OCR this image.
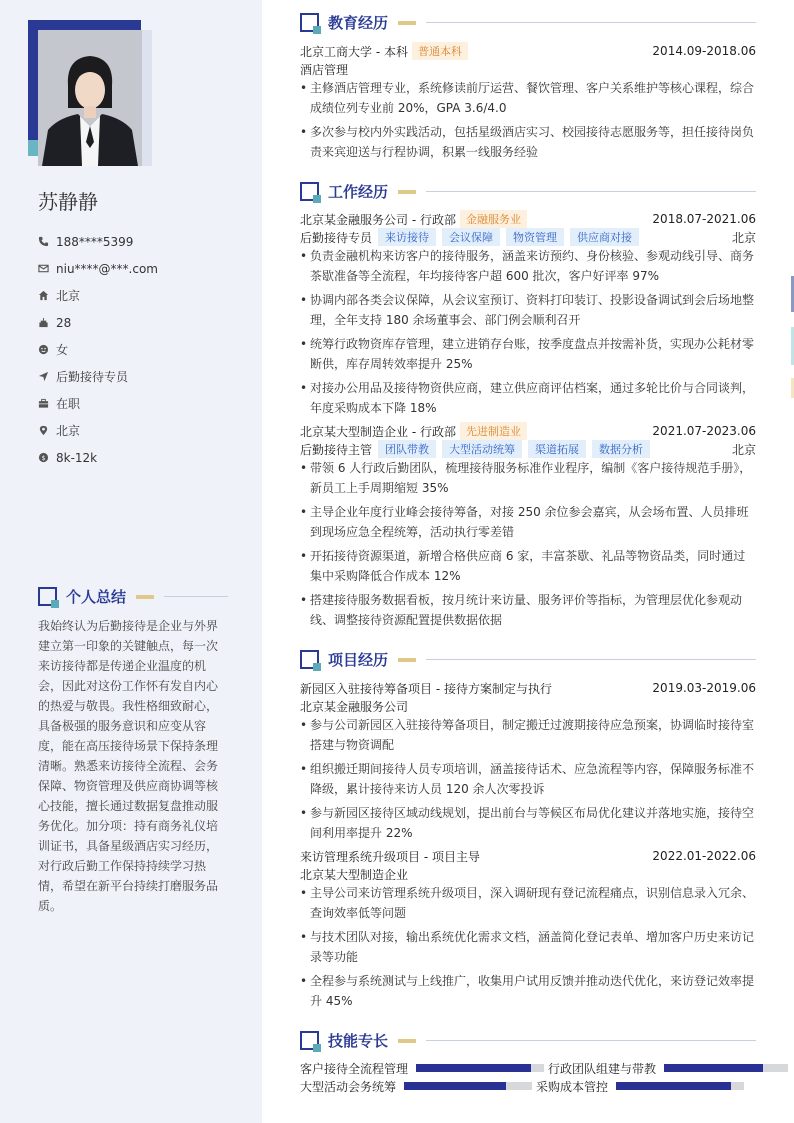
苏静静
188****5399
niu****@***.com
北京
28
女
后勤接待专员
在职
北京
$ 8k-12k
个人总结
我始终认为后勤接待是企业与外界建立第一印象的关键触点，每一次来访接待都是传递企业温度的机会，因此对这份工作怀有发自内心的热爱与敬畏。我性格细致耐心，具备极强的服务意识和应变从容度，能在高压接待场景下保持条理清晰。熟悉来访接待全流程、会务保障、物资管理及供应商协调等核心技能，擅长通过数据复盘推动服务优化。加分项：持有商务礼仪培训证书，具备星级酒店实习经历，对行政后勤工作保持持续学习热情，希望在新平台持续打磨服务品质。
教育经历
北京工商大学 - 本科 普通本科	2014.09-2018.06
酒店管理
• 主修酒店管理专业，系统修读前厅运营、餐饮管理、客户关系维护等核心课程，综合成绩位列专业前 20%，GPA 3.6/4.0
• 多次参与校内外实践活动，包括星级酒店实习、校园接待志愿服务等，担任接待岗负责来宾迎送与行程协调，积累一线服务经验
工作经历
北京某金融服务公司 - 行政部 金融服务业	2018.07-2021.06
后勤接待专员	来访接待	会议保障	物资管理	供应商对接	北京
• 负责金融机构来访客户的接待服务，涵盖来访预约、身份核验、参观动线引导、商务茶歇准备等全流程，年均接待客户超 600 批次，客户好评率 97%
• 协调内部各类会议保障，从会议室预订、资料打印装订、投影设备调试到会后场地整理，全年支持 180 余场董事会、部门例会顺利召开
• 统筹行政物资库存管理，建立进销存台账，按季度盘点并按需补货，实现办公耗材零断供，库存周转效率提升 25%
• 对接办公用品及接待物资供应商，建立供应商评估档案，通过多轮比价与合同谈判，年度采购成本下降 18%
北京某大型制造企业 - 行政部 先进制造业	2021.07-2023.06
后勤接待主管	团队带教	大型活动统筹	渠道拓展	数据分析	北京
• 带领 6 人行政后勤团队，梳理接待服务标准作业程序，编制《客户接待规范手册》，新员工上手周期缩短 35%
• 主导企业年度行业峰会接待筹备，对接 250 余位参会嘉宾，从会场布置、人员排班到现场应急全程统筹，活动执行零差错
• 开拓接待资源渠道，新增合格供应商 6 家，丰富茶歇、礼品等物资品类，同时通过集中采购降低合作成本 12%
• 搭建接待服务数据看板，按月统计来访量、服务评价等指标，为管理层优化参观动线、调整接待资源配置提供数据依据
项目经历
新园区入驻接待筹备项目 - 接待方案制定与执行	2019.03-2019.06
北京某金融服务公司
• 参与公司新园区入驻接待筹备项目，制定搬迁过渡期接待应急预案，协调临时接待室搭建与物资调配
• 组织搬迁期间接待人员专项培训，涵盖接待话术、应急流程等内容，保障服务标准不降级，累计接待来访人员 120 余人次零投诉
• 参与新园区接待区域动线规划，提出前台与等候区布局优化建议并落地实施，接待空间利用率提升 22%
来访管理系统升级项目 - 项目主导	2022.01-2022.06
北京某大型制造企业
• 主导公司来访管理系统升级项目，深入调研现有登记流程痛点，识别信息录入冗余、查询效率低等问题
• 与技术团队对接，输出系统优化需求文档，涵盖简化登记表单、增加客户历史来访记录等功能
• 全程参与系统测试与上线推广，收集用户试用反馈并推动迭代优化，来访登记效率提升 45%
技能专长
客户接待全流程管理	行政团队组建与带教
大型活动会务统筹	采购成本管控
